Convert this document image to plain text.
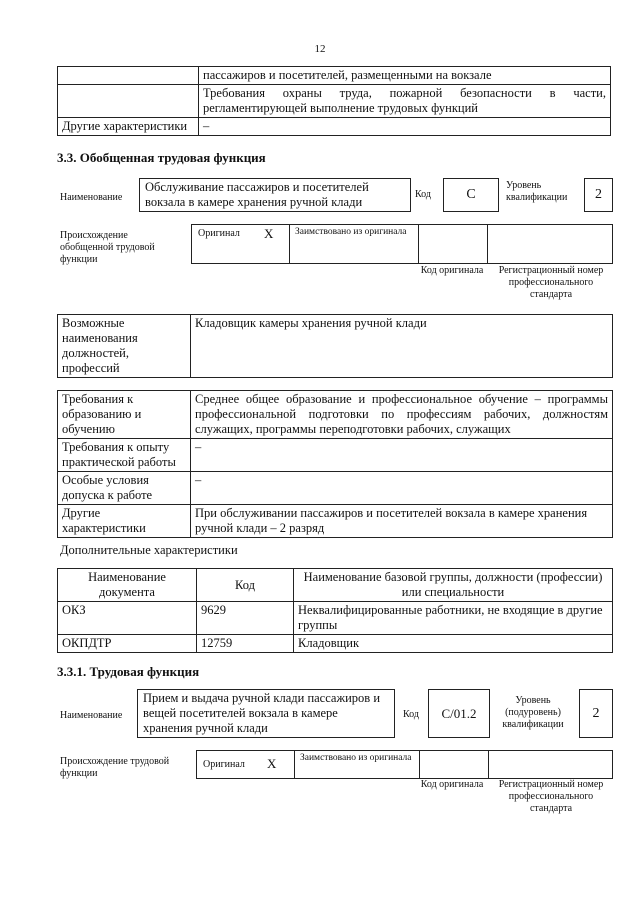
12
	пассажиров и посетителей, размещенными на вокзале
	Требования охраны труда, пожарной безопасности в части, регламентирующей выполнение трудовых функций
Другие характеристики	–
3.3. Обобщенная трудовая функция
Наименование
Обслуживание пассажиров и посетителей вокзала в камере хранения ручной клади
Код	C
Уровень квалификации	2
Происхождение обобщенной трудовой функции
Оригинал X Заимствовано из оригинала
Код оригинала	Регистрационный номер профессионального стандарта
Возможные наименования должностей, профессий	Кладовщик камеры хранения ручной клади
Требования к образованию и обучению	Среднее общее образование и профессиональное обучение – программы профессиональной подготовки по профессиям рабочих, должностям служащих, программы переподготовки рабочих, служащих
Требования к опыту практической работы	–
Особые условия допуска к работе	–
Другие характеристики	При обслуживании пассажиров и посетителей вокзала в камере хранения ручной клади – 2 разряд
Дополнительные характеристики
Наименование документа	Код	Наименование базовой группы, должности (профессии) или специальности
ОКЗ	9629	Неквалифицированные работники, не входящие в другие группы
ОКПДТР	12759	Кладовщик
3.3.1. Трудовая функция
Наименование
Прием и выдача ручной клади пассажиров и вещей посетителей вокзала в камере хранения ручной клади
Код	C/01.2
Уровень (подуровень) квалификации
2
Происхождение трудовой функции
Оригинал X Заимствовано из оригинала
Код оригинала	Регистрационный номер профессионального стандарта
